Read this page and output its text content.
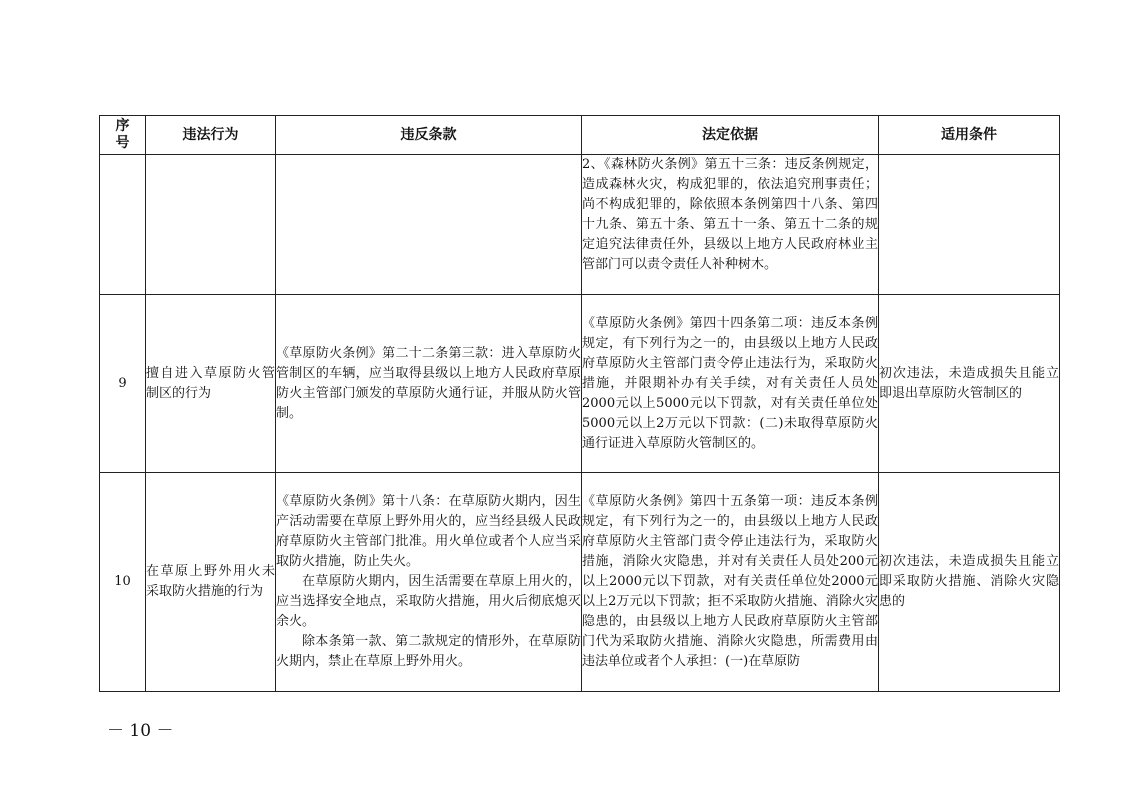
序号	违法行为	违反条款	法定依据	适用条件
			2、《森林防火条例》第五十三条：违反条例规定，造成森林火灾，构成犯罪的，依法追究刑事责任；尚不构成犯罪的，除依照本条例第四十八条、第四十九条、第五十条、第五十一条、第五十二条的规定追究法律责任外，县级以上地方人民政府林业主管部门可以责令责任人补种树木。	
9	擅自进入草原防火管制区的行为	《草原防火条例》第二十二条第三款：进入草原防火管制区的车辆，应当取得县级以上地方人民政府草原防火主管部门颁发的草原防火通行证，并服从防火管制。	《草原防火条例》第四十四条第二项：违反本条例规定，有下列行为之一的，由县级以上地方人民政府草原防火主管部门责令停止违法行为，采取防火措施，并限期补办有关手续，对有关责任人员处2000元以上5000元以下罚款，对有关责任单位处5000元以上2万元以下罚款：(二)未取得草原防火通行证进入草原防火管制区的。	初次违法，未造成损失且能立即退出草原防火管制区的
10	在草原上野外用火未采取防火措施的行为	《草原防火条例》第十八条：在草原防火期内，因生产活动需要在草原上野外用火的，应当经县级人民政府草原防火主管部门批准。用火单位或者个人应当采取防火措施，防止失火。
在草原防火期内，因生活需要在草原上用火的，应当选择安全地点，采取防火措施，用火后彻底熄灭余火。
除本条第一款、第二款规定的情形外，在草原防火期内，禁止在草原上野外用火。	《草原防火条例》第四十五条第一项：违反本条例规定，有下列行为之一的，由县级以上地方人民政府草原防火主管部门责令停止违法行为，采取防火措施，消除火灾隐患，并对有关责任人员处200元以上2000元以下罚款，对有关责任单位处2000元以上2万元以下罚款；拒不采取防火措施、消除火灾隐患的，由县级以上地方人民政府草原防火主管部门代为采取防火措施、消除火灾隐患，所需费用由违法单位或者个人承担：(一)在草原防	初次违法，未造成损失且能立即采取防火措施、消除火灾隐患的
－ 10 －
